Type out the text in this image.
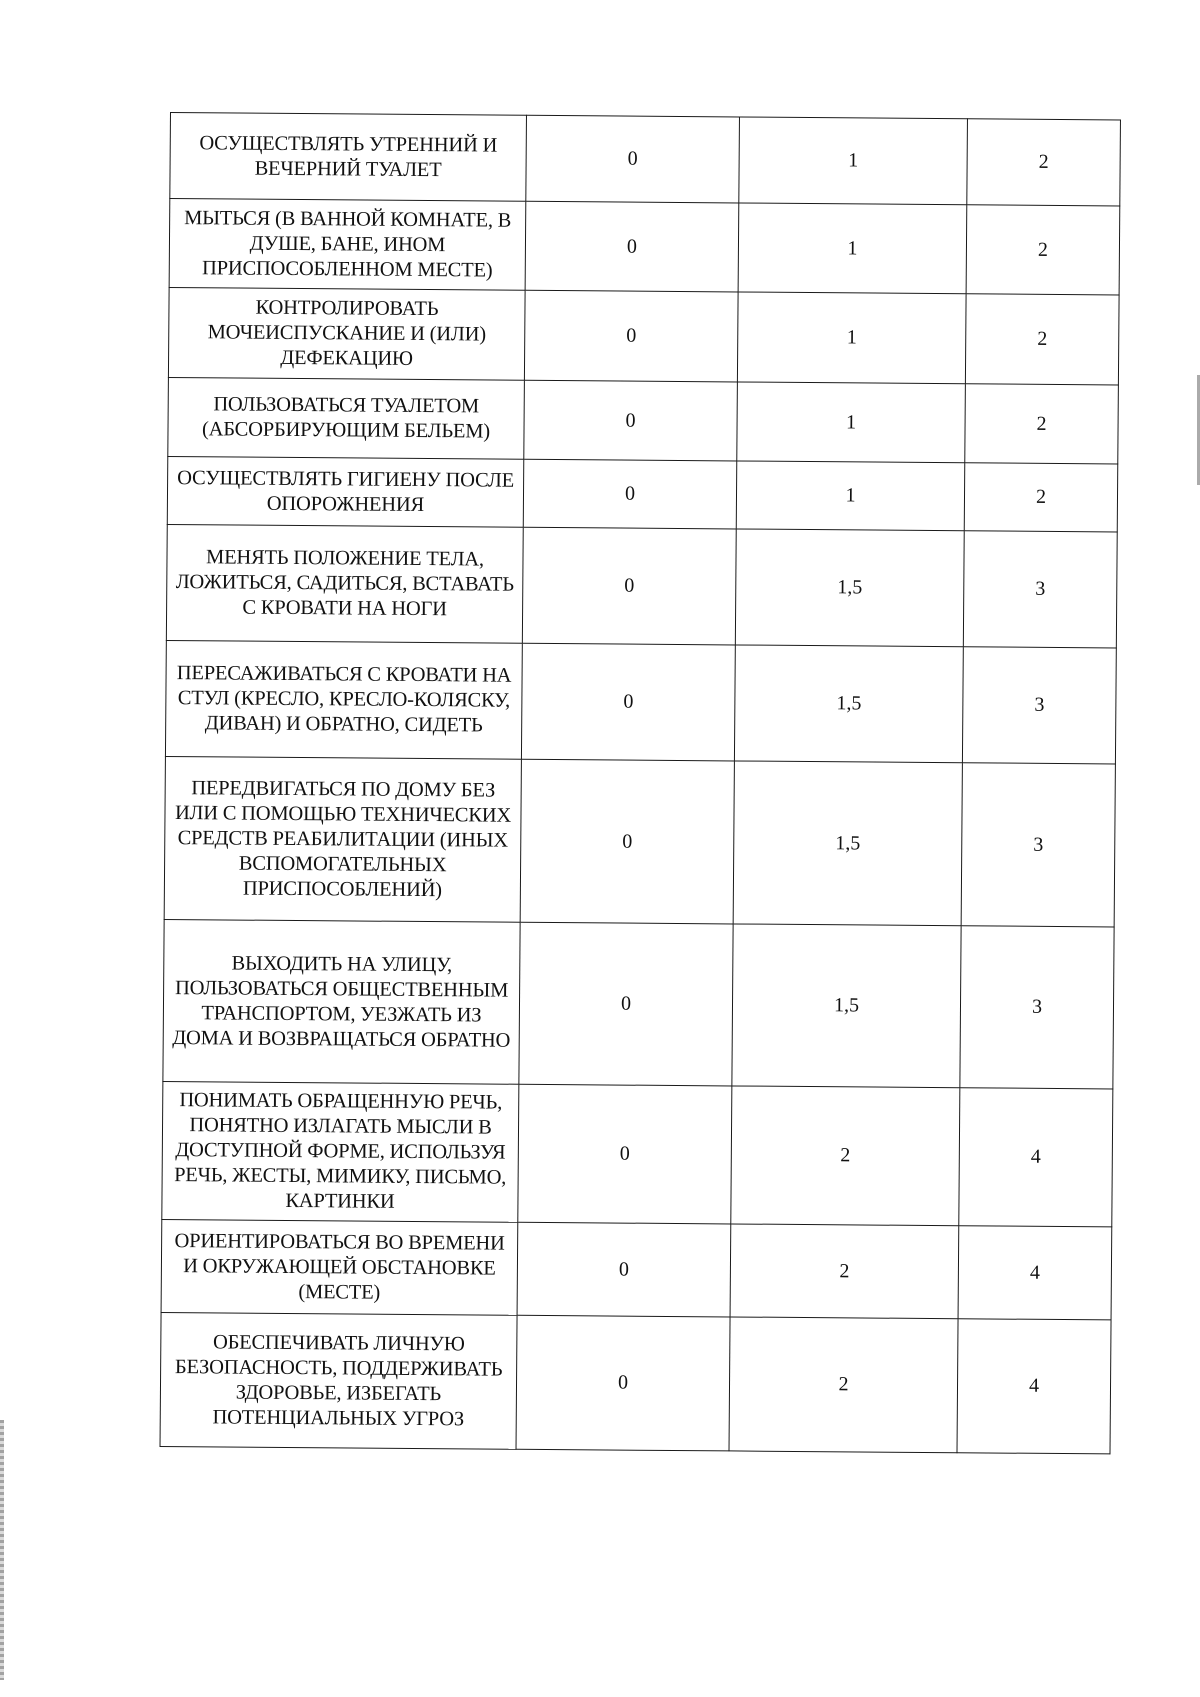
ОСУЩЕСТВЛЯТЬ УТРЕННИЙ И ВЕЧЕРНИЙ ТУАЛЕТ	0	1	2
МЫТЬСЯ (В ВАННОЙ КОМНАТЕ, В ДУШЕ, БАНЕ, ИНОМ ПРИСПОСОБЛЕННОМ МЕСТЕ)	0	1	2
КОНТРОЛИРОВАТЬ МОЧЕИСПУСКАНИЕ И (ИЛИ) ДЕФЕКАЦИЮ	0	1	2
ПОЛЬЗОВАТЬСЯ ТУАЛЕТОМ (АБСОРБИРУЮЩИМ БЕЛЬЕМ)	0	1	2
ОСУЩЕСТВЛЯТЬ ГИГИЕНУ ПОСЛЕ ОПОРОЖНЕНИЯ	0	1	2
МЕНЯТЬ ПОЛОЖЕНИЕ ТЕЛА, ЛОЖИТЬСЯ, САДИТЬСЯ, ВСТАВАТЬ С КРОВАТИ НА НОГИ	0	1,5	3
ПЕРЕСАЖИВАТЬСЯ С КРОВАТИ НА СТУЛ (КРЕСЛО, КРЕСЛО-КОЛЯСКУ, ДИВАН) И ОБРАТНО, СИДЕТЬ	0	1,5	3
ПЕРЕДВИГАТЬСЯ ПО ДОМУ БЕЗ ИЛИ С ПОМОЩЬЮ ТЕХНИЧЕСКИХ СРЕДСТВ РЕАБИЛИТАЦИИ (ИНЫХ ВСПОМОГАТЕЛЬНЫХ ПРИСПОСОБЛЕНИЙ)	0	1,5	3
ВЫХОДИТЬ НА УЛИЦУ, ПОЛЬЗОВАТЬСЯ ОБЩЕСТВЕННЫМ ТРАНСПОРТОМ, УЕЗЖАТЬ ИЗ ДОМА И ВОЗВРАЩАТЬСЯ ОБРАТНО	0	1,5	3
ПОНИМАТЬ ОБРАЩЕННУЮ РЕЧЬ, ПОНЯТНО ИЗЛАГАТЬ МЫСЛИ В ДОСТУПНОЙ ФОРМЕ, ИСПОЛЬЗУЯ РЕЧЬ, ЖЕСТЫ, МИМИКУ, ПИСЬМО, КАРТИНКИ	0	2	4
ОРИЕНТИРОВАТЬСЯ ВО ВРЕМЕНИ И ОКРУЖАЮЩЕЙ ОБСТАНОВКЕ (МЕСТЕ)	0	2	4
ОБЕСПЕЧИВАТЬ ЛИЧНУЮ БЕЗОПАСНОСТЬ, ПОДДЕРЖИВАТЬ ЗДОРОВЬЕ, ИЗБЕГАТЬ ПОТЕНЦИАЛЬНЫХ УГРОЗ	0	2	4
